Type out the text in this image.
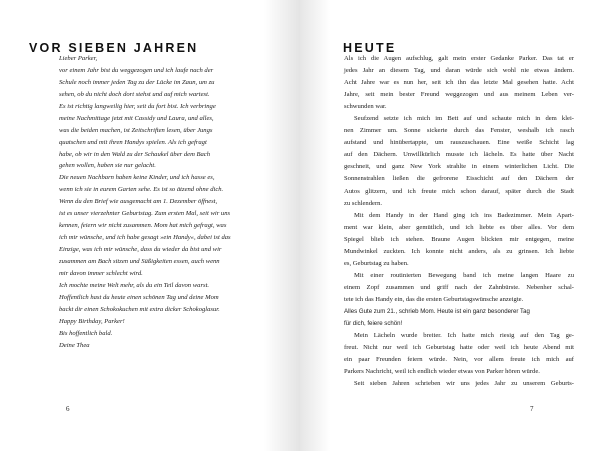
VOR SIEBEN JAHREN
Lieber Parker,
vor einem Jahr bist du weggezogen und ich laufe nach der
Schule noch immer jeden Tag zu der Lücke im Zaun, um zu
sehen, ob du nicht doch dort stehst und auf mich wartest.
Es ist richtig langweilig hier, seit du fort bist. Ich verbringe
meine Nachmittage jetzt mit Cassidy und Laura, und alles,
was die beiden machen, ist Zeitschriften lesen, über Jungs
quatschen und mit ihren Handys spielen. Als ich gefragt
habe, ob wir in den Wald zu der Schaukel über dem Bach
gehen wollen, haben sie nur gelacht.
Die neuen Nachbarn haben keine Kinder, und ich hasse es,
wenn ich sie in eurem Garten sehe. Es ist so ätzend ohne dich.
Wenn du den Brief wie ausgemacht am 1. Dezember öffnest,
ist es unser vierzehnter Geburtstag. Zum ersten Mal, seit wir uns
kennen, feiern wir nicht zusammen. Mom hat mich gefragt, was
ich mir wünsche, und ich habe gesagt »ein Handy«, dabei ist das
Einzige, was ich mir wünsche, dass du wieder da bist und wir
zusammen am Bach sitzen und Süßigkeiten essen, auch wenn
mir davon immer schlecht wird.
Ich mochte meine Welt mehr, als du ein Teil davon warst.
Hoffentlich hast du heute einen schönen Tag und deine Mom
backt dir einen Schokokuchen mit extra dicker Schokoglasur.
Happy Birthday, Parker!
Bis hoffentlich bald.
Deine Thea
6
HEUTE
Als ich die Augen aufschlug, galt mein erster Gedanke Parker. Das tat er
jedes Jahr an diesem Tag, und daran würde sich wohl nie etwas ändern.
Acht Jahre war es nun her, seit ich ihn das letzte Mal gesehen hatte. Acht
Jahre, seit mein bester Freund weggezogen und aus meinem Leben ver-
schwunden war.
Seufzend setzte ich mich im Bett auf und schaute mich in dem klei-
nen Zimmer um. Sonne sickerte durch das Fenster, weshalb ich rasch
aufstand und hinübertappte, um rauszuschauen. Eine weiße Schicht lag
auf den Dächern. Unwillkürlich musste ich lächeln. Es hatte über Nacht
geschneit, und ganz New York strahlte in einem winterlichen Licht. Die
Sonnenstrahlen ließen die gefrorene Eisschicht auf den Dächern der
Autos glitzern, und ich freute mich schon darauf, später durch die Stadt
zu schlendern.
Mit dem Handy in der Hand ging ich ins Badezimmer. Mein Apart-
ment war klein, aber gemütlich, und ich liebte es über alles. Vor dem
Spiegel blieb ich stehen. Braune Augen blickten mir entgegen, meine
Mundwinkel zuckten. Ich konnte nicht anders, als zu grinsen. Ich liebte
es, Geburtstag zu haben.
Mit einer routinierten Bewegung band ich meine langen Haare zu
einem Zopf zusammen und griff nach der Zahnbürste. Nebenher schal-
tete ich das Handy ein, das die ersten Geburtstagswünsche anzeigte.
Alles Gute zum 21., schrieb Mom. Heute ist ein ganz besonderer Tag
für dich, feiere schön!
Mein Lächeln wurde breiter. Ich hatte mich riesig auf den Tag ge-
freut. Nicht nur weil ich Geburtstag hatte oder weil ich heute Abend mit
ein paar Freunden feiern würde. Nein, vor allem freute ich mich auf
Parkers Nachricht, weil ich endlich wieder etwas von Parker hören würde.
Seit sieben Jahren schrieben wir uns jedes Jahr zu unserem Geburts-
7
